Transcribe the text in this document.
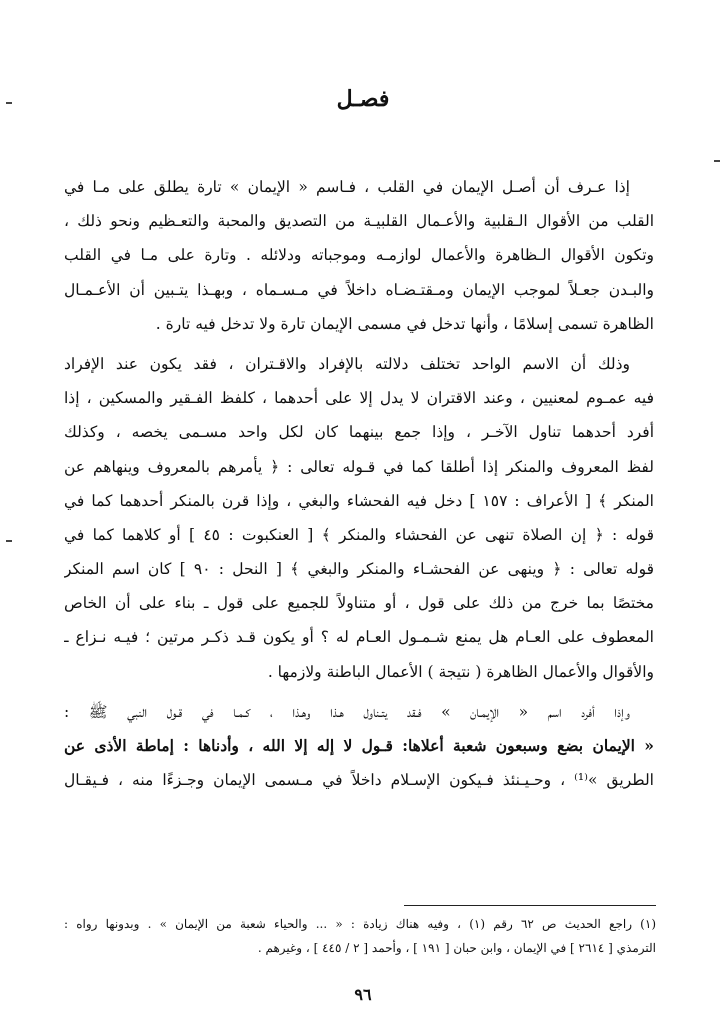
فصـل
إذا عـرف أن أصـل الإيمان في القلب ، فـاسم « الإيمان » تارة يطلق على مـا في
القلب من الأقوال الـقلبية والأعـمال القلبيـة من التصديق والمحبة والتعـظيم ونحو ذلك ،
وتكون الأقوال الـظاهرة والأعمال لوازمـه وموجباته ودلائله . وتارة على مـا في القلب
والبـدن جعـلاً لموجب الإيمان ومـقتـضـاه داخلاً في مـسـماه ، وبهـذا يتـبين أن الأعـمـال
الظاهرة تسمى إسلامًا ، وأنها تدخل في مسمى الإيمان تارة ولا تدخل فيه تارة .
وذلك أن الاسم الواحد تختلف دلالته بالإفراد والاقـتران ، فقد يكون عند الإفراد
فيه عمـوم لمعنيين ، وعند الاقتران لا يدل إلا على أحدهما ، كلفظ الفـقير والمسكين ، إذا
أفرد أحدهما تناول الآخـر ، وإذا جمع بينهما كان لكل واحد مسـمى يخصه ، وكذلك
لفظ المعروف والمنكر إذا أطلقا كما في قـوله تعالى : ﴿ يأمرهم بالمعروف وينهاهم عن
المنكر ﴾ [ الأعراف : ١٥٧ ] دخل فيه الفحشاء والبغي ، وإذا قرن بالمنكر أحدهما كما في
قوله : ﴿ إن الصلاة تنهى عن الفحشاء والمنكر ﴾ [ العنكبوت : ٤٥ ] أو كلاهما كما في
قوله تعالى : ﴿ وينهى عن الفحشـاء والمنكر والبغي ﴾ [ النحل : ٩٠ ] كان اسم المنكر
مختصًا بما خرج من ذلك على قول ، أو متناولاً للجميع على قول ـ بناء على أن الخاص
المعطوف على العـام هل يمنع شـمـول العـام له ؟ أو يكون قـد ذكـر مرتين ؛ فيـه نـزاع ـ
والأقوال والأعمال الظاهرة ( نتيجة ) الأعمال الباطنة ولازمها .
وإذا أفرد اسم « الإيمـان » فـقد يتـناول هـذا وهـذا ، كـمـا في قـول النبي ﷺ :
« الإيمان بضع وسبعون شعبة أعلاها: قـول لا إله إلا الله ، وأدناها : إماطة الأذى عن
الطريق »⁽¹⁾ ، وحـيـنئذ فـيكون الإسـلام داخلاً في مـسمى الإيمان وجـزءًا منه ، فـيقـال
(١) راجع الحديث ص ٦٢ رقم (١) ، وفيه هناك زيادة : « ... والحياء شعبة من الإيمان » . وبدونها رواه :
الترمذي [ ٢٦١٤ ] في الإيمان ، وابن حبان [ ١٩١ ] ، وأحمد [ ٢ / ٤٤٥ ] ، وغيرهم .
٩٦
